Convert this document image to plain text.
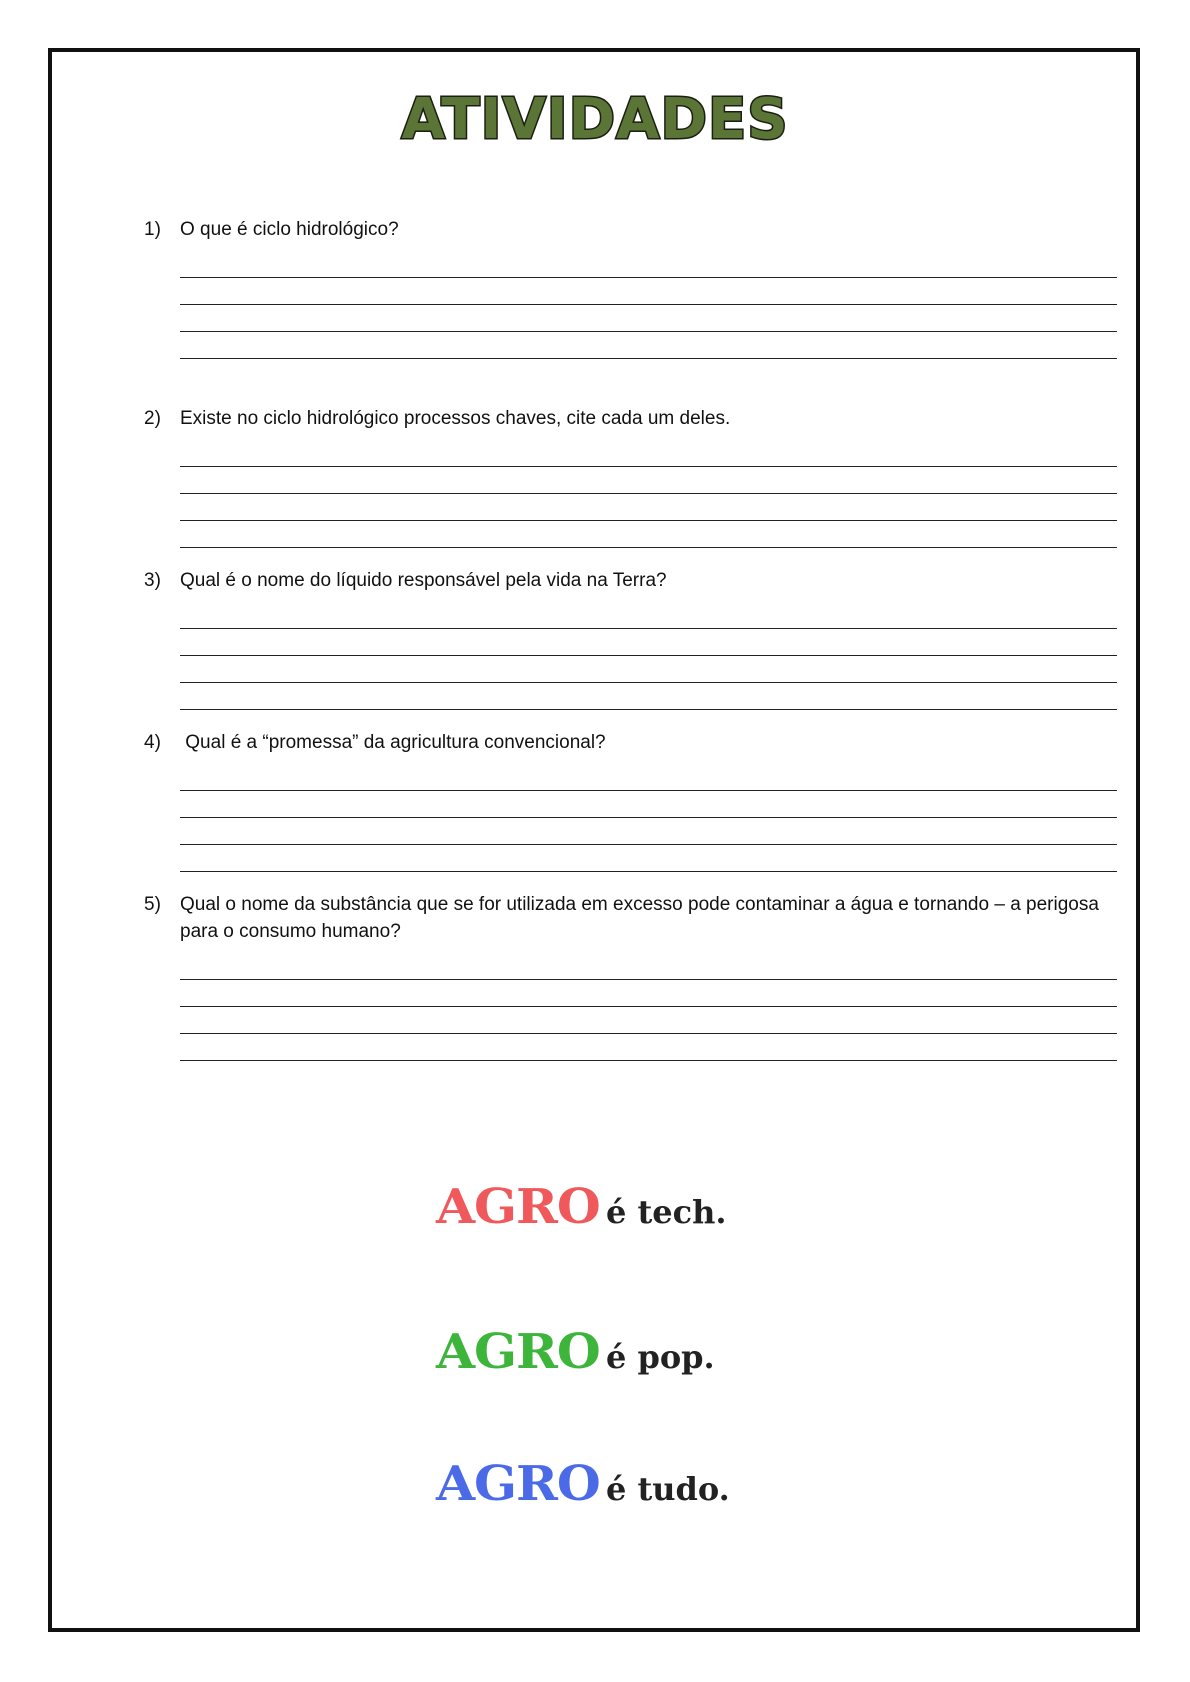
ATIVIDADES
1) O que é ciclo hidrológico?
2) Existe no ciclo hidrológico processos chaves, cite cada um deles.
3) Qual é o nome do líquido responsável pela vida na Terra?
4) Qual é a “promessa” da agricultura convencional?
5) Qual o nome da substância que se for utilizada em excesso pode contaminar a água e tornando – a perigosa para o consumo humano?
AGRO é tech.
AGRO é pop.
AGRO é tudo.
